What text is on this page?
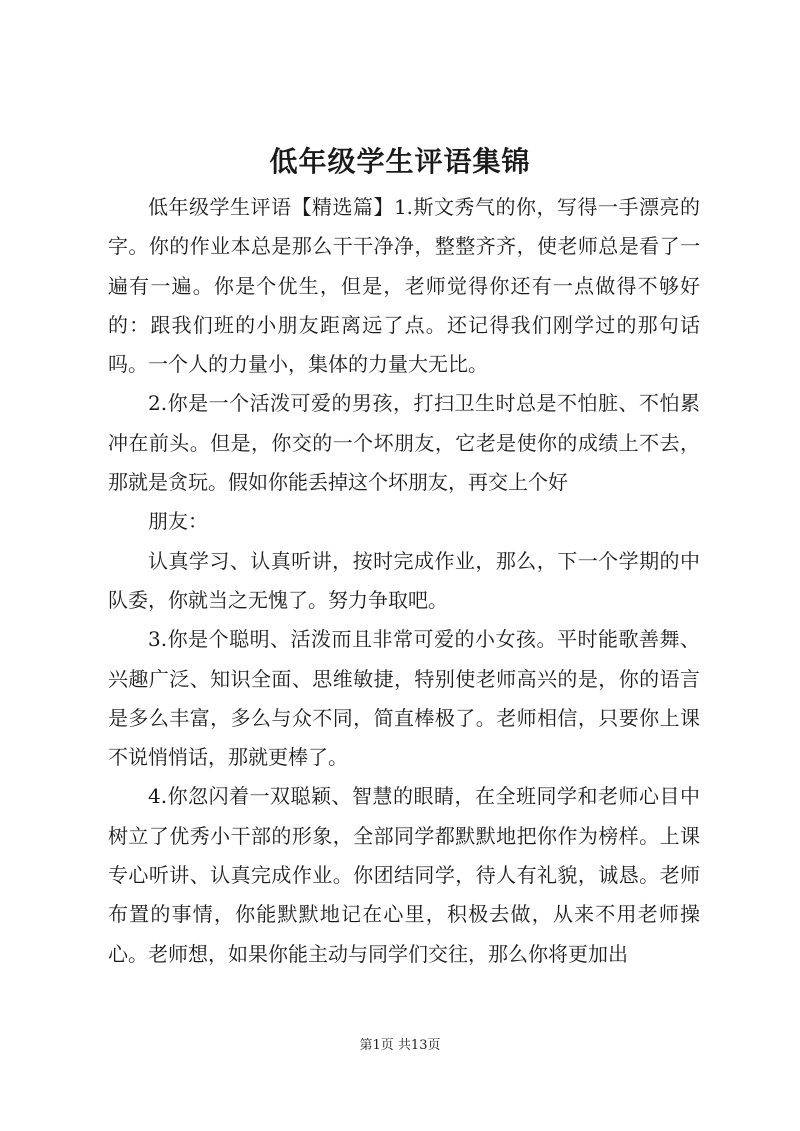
低年级学生评语集锦

低年级学生评语【精选篇】1.斯文秀气的你，写得一手漂亮的字。你的作业本总是那么干干净净，整整齐齐，使老师总是看了一遍有一遍。你是个优生，但是，老师觉得你还有一点做得不够好的：跟我们班的小朋友距离远了点。还记得我们刚学过的那句话吗。一个人的力量小，集体的力量大无比。

2.你是一个活泼可爱的男孩，打扫卫生时总是不怕脏、不怕累冲在前头。但是，你交的一个坏朋友，它老是使你的成绩上不去，那就是贪玩。假如你能丢掉这个坏朋友，再交上个好

朋友：

认真学习、认真听讲，按时完成作业，那么，下一个学期的中队委，你就当之无愧了。努力争取吧。

3.你是个聪明、活泼而且非常可爱的小女孩。平时能歌善舞、兴趣广泛、知识全面、思维敏捷，特别使老师高兴的是，你的语言是多么丰富，多么与众不同，简直棒极了。老师相信，只要你上课不说悄悄话，那就更棒了。

4.你忽闪着一双聪颖、智慧的眼睛，在全班同学和老师心目中树立了优秀小干部的形象，全部同学都默默地把你作为榜样。上课专心听讲、认真完成作业。你团结同学，待人有礼貌，诚恳。老师布置的事情，你能默默地记在心里，积极去做，从来不用老师操心。老师想，如果你能主动与同学们交往，那么你将更加出

第1页 共13页
